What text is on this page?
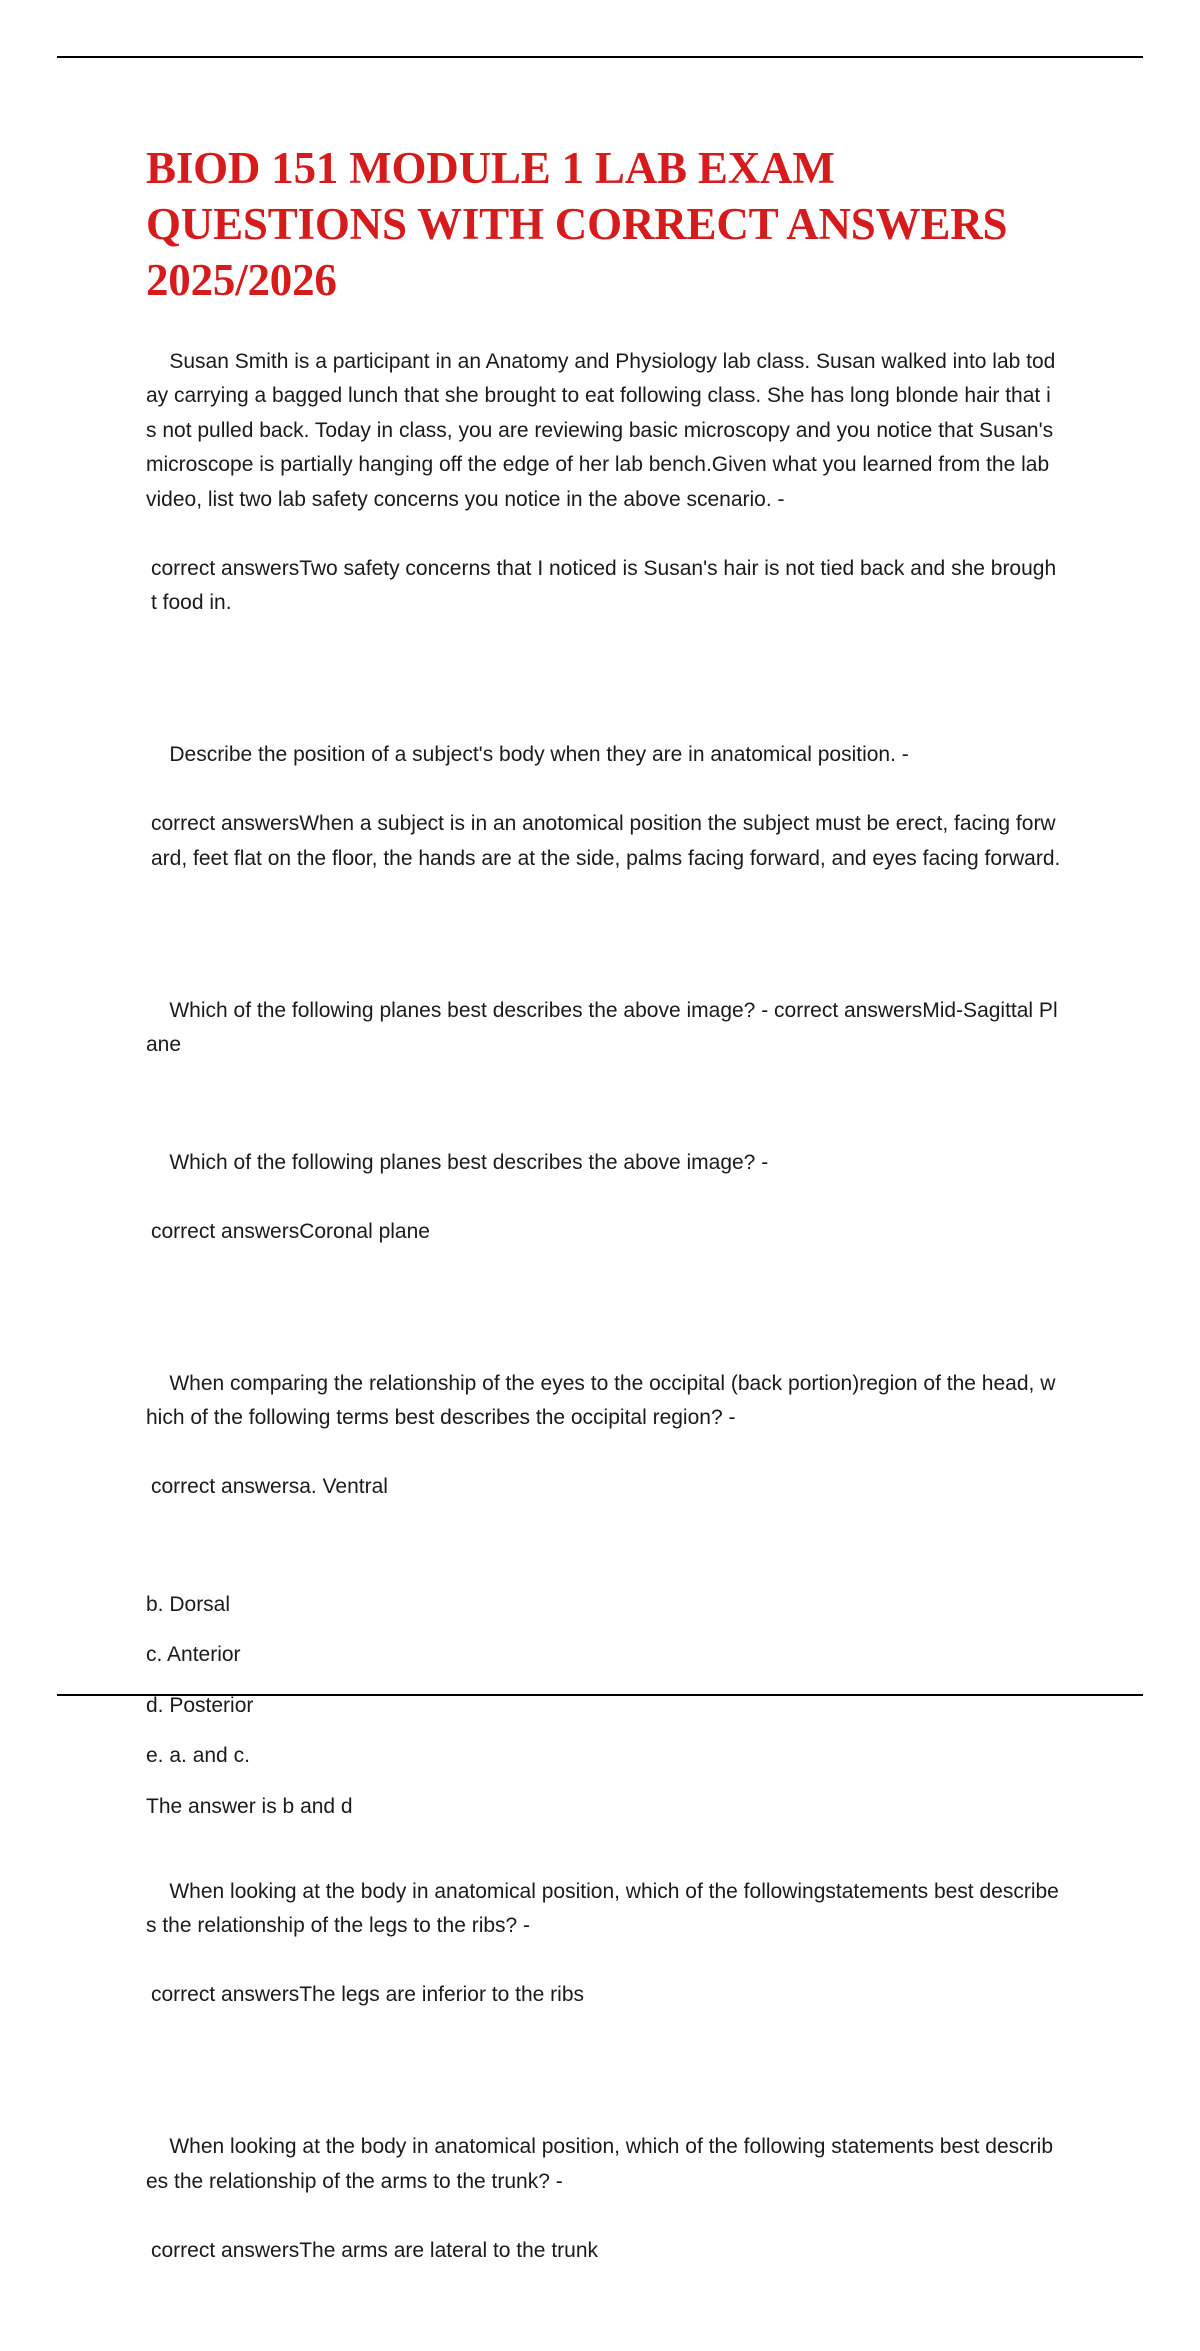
BIOD 151 MODULE 1 LAB EXAM QUESTIONS WITH CORRECT ANSWERS 2025/2026

Susan Smith is a participant in an Anatomy and Physiology lab class. Susan walked into lab today carrying a bagged lunch that she brought to eat following class. She has long blonde hair that is not pulled back. Today in class, you are reviewing basic microscopy and you notice that Susan's microscope is partially hanging off the edge of her lab bench.Given what you learned from the lab video, list two lab safety concerns you notice in the above scenario. -

correct answersTwo safety concerns that I noticed is Susan's hair is not tied back and she brought food in.

Describe the position of a subject's body when they are in anatomical position. -

correct answersWhen a subject is in an anotomical position the subject must be erect, facing forward, feet flat on the floor, the hands are at the side, palms facing forward, and eyes facing forward.

Which of the following planes best describes the above image? - correct answersMid-Sagittal Plane

Which of the following planes best describes the above image? -

correct answersCoronal plane

When comparing the relationship of the eyes to the occipital (back portion)region of the head, which of the following terms best describes the occipital region? -

correct answersa. Ventral

b. Dorsal
c. Anterior
d. Posterior
e. a. and c.
The answer is b and d

When looking at the body in anatomical position, which of the followingstatements best describes the relationship of the legs to the ribs? -

correct answersThe legs are inferior to the ribs

When looking at the body in anatomical position, which of the following statements best describes the relationship of the arms to the trunk? -

correct answersThe arms are lateral to the trunk
